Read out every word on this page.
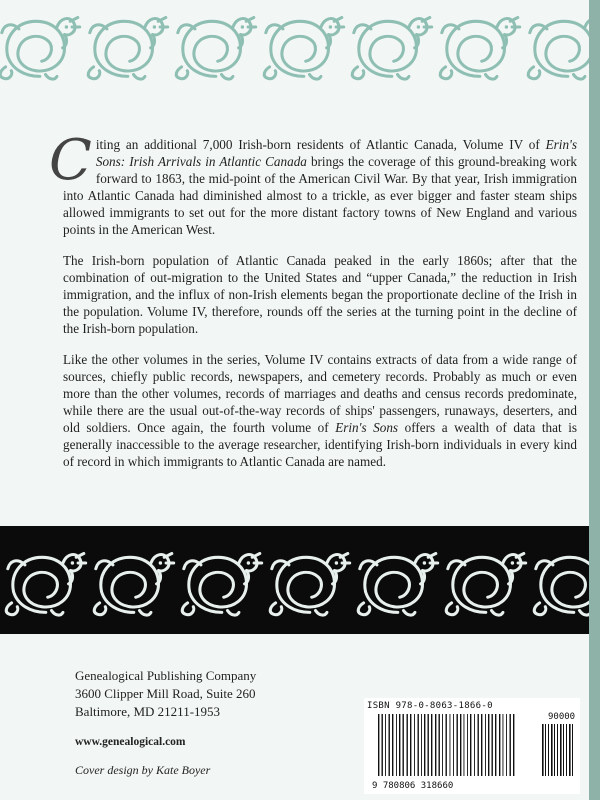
Citing an additional 7,000 Irish-born residents of Atlantic Canada, Volume IV of Erin's Sons: Irish Arrivals in Atlantic Canada brings the coverage of this ground-breaking work forward to 1863, the mid-point of the American Civil War. By that year, Irish immigration into Atlantic Canada had diminished almost to a trickle, as ever bigger and faster steam ships allowed immigrants to set out for the more distant factory towns of New England and various points in the American West.

The Irish-born population of Atlantic Canada peaked in the early 1860s; after that the combination of out-migration to the United States and “upper Canada,” the reduction in Irish immigration, and the influx of non-Irish elements began the proportionate decline of the Irish in the population. Volume IV, therefore, rounds off the series at the turning point in the decline of the Irish-born population.

Like the other volumes in the series, Volume IV contains extracts of data from a wide range of sources, chiefly public records, newspapers, and cemetery records. Probably as much or even more than the other volumes, records of marriages and deaths and census records predominate, while there are the usual out-of-the-way records of ships' passengers, runaways, deserters, and old soldiers. Once again, the fourth volume of Erin's Sons offers a wealth of data that is generally inaccessible to the average researcher, identifying Irish-born individuals in every kind of record in which immigrants to Atlantic Canada are named.

Genealogical Publishing Company
3600 Clipper Mill Road, Suite 260
Baltimore, MD 21211-1953
www.genealogical.com
Cover design by Kate Boyer
ISBN 978-0-8063-1866-0
90000
9 780806 318660
